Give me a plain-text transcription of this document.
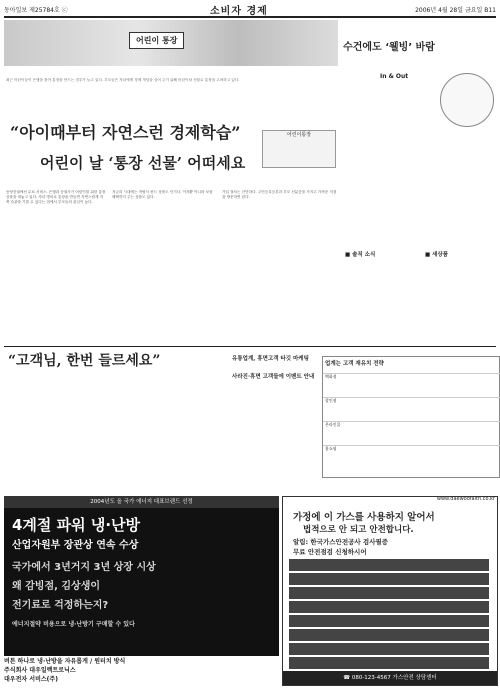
동아일보 제25784호 ⓒ	소비자 경제	2006년 4월 28일 금요일 B11
어린이 통장
최근 어린이들이 은행을 찾아 통장을 만드는 경우가 늘고 있다. 부모들은 자녀에게 경제 개념을 심어 주기 위해 어린이날 선물로 통장을 고려하고 있다.
“아이때부터 자연스런 경제학습”
어린이 날 ‘통장 선물’ 어떠세요
어린이통장
동양증권에선 무료 서비스. 은행과 증권사가 어린이를 위한 통장 상품을 내놓고 있다. 자녀 명의로 통장을 만들면 자연스럽게 저축 습관을 기를 수 있다는 점에서 부모들의 관심이 높다.
저금리 시대에는 적립식 펀드 상품도 인기다. 이자뿐 아니라 보험 혜택까지 주는 상품도 있다.
가입 절차는 간단하다. 주민등록등본과 부모 신분증을 가지고 가까운 지점을 방문하면 된다.
수건에도 ‘웰빙’ 바람
In & Out
■ 솔직 소식	■ 새상품
“고객님, 한번 들르세요”	유통업계, 휴면고객 타깃 마케팅
사라진·휴면 고객들에 이벤트 안내
업계는 고객 재유치 전략
백화점
할인점
온라인몰
홈쇼핑
2004년도 올 국가 에너지 대표브랜드 선정
4계절 파워 냉·난방
산업자원부 장관상 연속 수상
국가에서 3년거지 3년 상장 시상
왜 감빙점, 김상생이
전기료로 걱정하는지?
에너지절약 비용으로 냉·난방기 구매할 수 있다
버튼 하나로 냉·난방을 자유롭게 / 원터치 방식
주식회사 대우일렉트로닉스
대우전자 서비스(주)
www.daewoofaith.co.kr
가정에 이 가스를 사용하지 알어서
법적으로 안 되고 안전합니다.
알림: 한국가스안전공사 검사필증
무료 안전점검 신청하시어
☎ 080-123-4567 가스안전 상담센터
